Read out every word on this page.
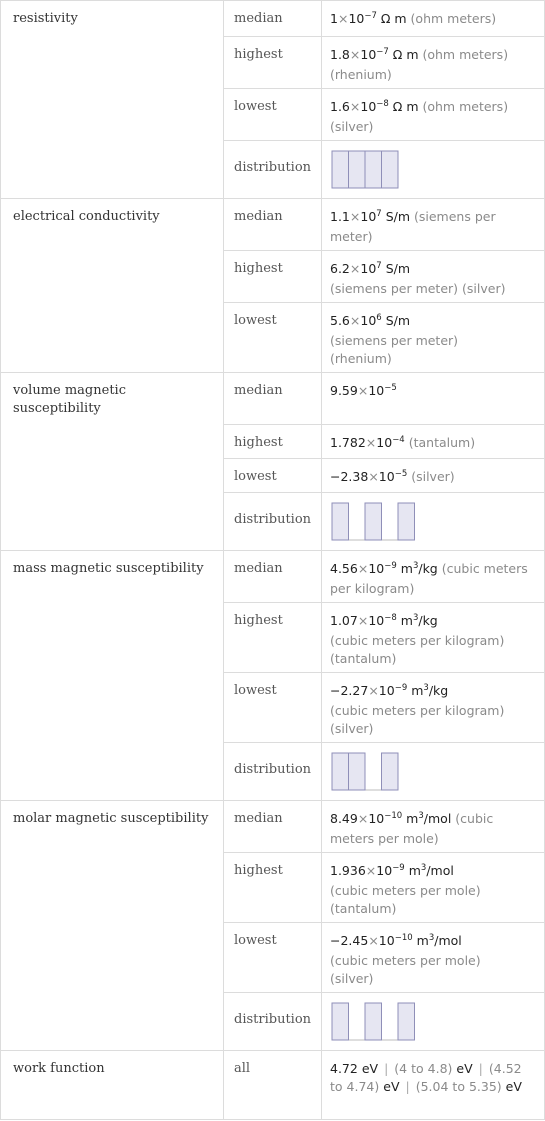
resistivity	median	$1\times 10^{-7}$ Ω m (ohm meters)

	highest	$1.8\times 10^{-7}$ Ω m (ohm meters) (rhenium)

	lowest	$1.6\times 10^{-8}$ Ω m (ohm meters) (silver)

	distribution

electrical conductivity	median	$1.1\times 10^7$ S/m (siemens per meter)

	highest	$6.2\times 10^7$ S/m
(siemens per meter) (silver)

	lowest	$5.6\times 10^6$ S/m
(siemens per meter)
(rhenium)

volume magnetic susceptibility	median	$9.59\times 10^{-5}$

	highest	$1.782\times 10^{-4}$ (tantalum)

	lowest	$-2.38\times 10^{-5}$ (silver)

	distribution

mass magnetic susceptibility	median	$4.56\times 10^{-9}$ $m^3/kg$ (cubic meters per kilogram)

	highest	$1.07\times 10^{-8}$ $m^3/kg$
(cubic meters per kilogram)
(tantalum)

	lowest	$-2.27\times 10^{-9}$ $m^3/kg$
(cubic meters per kilogram)
(silver)

	distribution

molar magnetic susceptibility	median	$8.49\times 10^{-10}$ $m^3$/mol (cubic meters per mole)

	highest	$1.936\times 10^{-9}$ $m^3$/mol
(cubic meters per mole)
(tantalum)

	lowest	$-2.45\times 10^{-10}$ $m^3$/mol
(cubic meters per mole)
(silver)

	distribution

work function	all	4.72 eV | (4 to 4.8) eV | (4.52 to 4.74) eV | (5.04 to 5.35) eV
